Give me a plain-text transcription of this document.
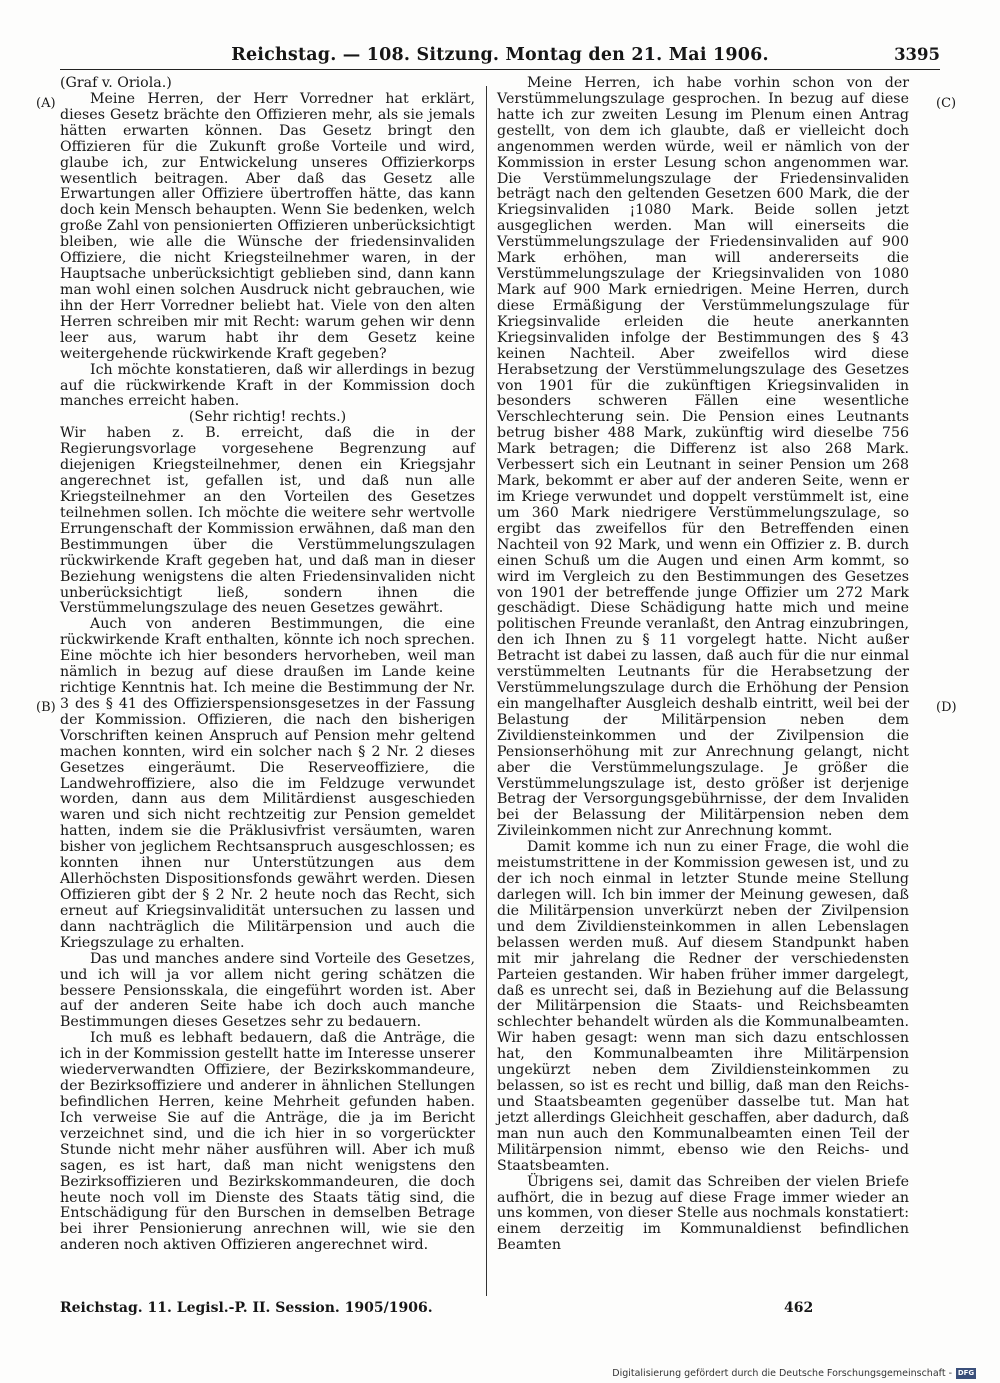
Reichstag. — 108. Sitzung. Montag den 21. Mai 1906.	3395
(A)
(B)
(C)
(D)

(Graf v. Oriola.)

Meine Herren, der Herr Vorredner hat erklärt, dieses Gesetz brächte den Offizieren mehr, als sie jemals hätten erwarten können. Das Gesetz bringt den Offizieren für die Zukunft große Vorteile und wird, glaube ich, zur Entwickelung unseres Offizierkorps wesentlich beitragen. Aber daß das Gesetz alle Erwartungen aller Offiziere übertroffen hätte, das kann doch kein Mensch behaupten. Wenn Sie bedenken, welch große Zahl von pensionierten Offizieren unberücksichtigt bleiben, wie alle die Wünsche der friedensinvaliden Offiziere, die nicht Kriegsteilnehmer waren, in der Hauptsache unberücksichtigt geblieben sind, dann kann man wohl einen solchen Ausdruck nicht gebrauchen, wie ihn der Herr Vorredner beliebt hat. Viele von den alten Herren schreiben mir mit Recht: warum gehen wir denn leer aus, warum habt ihr dem Gesetz keine weitergehende rückwirkende Kraft gegeben?

Ich möchte konstatieren, daß wir allerdings in bezug auf die rückwirkende Kraft in der Kommission doch manches erreicht haben.

(Sehr richtig! rechts.)

Wir haben z. B. erreicht, daß die in der Regierungsvorlage vorgesehene Begrenzung auf diejenigen Kriegsteilnehmer, denen ein Kriegsjahr angerechnet ist, gefallen ist, und daß nun alle Kriegsteilnehmer an den Vorteilen des Gesetzes teilnehmen sollen. Ich möchte die weitere sehr wertvolle Errungenschaft der Kommission erwähnen, daß man den Bestimmungen über die Verstümmelungszulagen rückwirkende Kraft gegeben hat, und daß man in dieser Beziehung wenigstens die alten Friedensinvaliden nicht unberücksichtigt ließ, sondern ihnen die Verstümmelungszulage des neuen Gesetzes gewährt.

Auch von anderen Bestimmungen, die eine rückwirkende Kraft enthalten, könnte ich noch sprechen. Eine möchte ich hier besonders hervorheben, weil man nämlich in bezug auf diese draußen im Lande keine richtige Kenntnis hat. Ich meine die Bestimmung der Nr. 3 des § 41 des Offizierspensionsgesetzes in der Fassung der Kommission. Offizieren, die nach den bisherigen Vorschriften keinen Anspruch auf Pension mehr geltend machen konnten, wird ein solcher nach § 2 Nr. 2 dieses Gesetzes eingeräumt. Die Reserveoffiziere, die Landwehroffiziere, also die im Feldzuge verwundet worden, dann aus dem Militärdienst ausgeschieden waren und sich nicht rechtzeitig zur Pension gemeldet hatten, indem sie die Präklusivfrist versäumten, waren bisher von jeglichem Rechtsanspruch ausgeschlossen; es konnten ihnen nur Unterstützungen aus dem Allerhöchsten Dispositionsfonds gewährt werden. Diesen Offizieren gibt der § 2 Nr. 2 heute noch das Recht, sich erneut auf Kriegsinvalidität untersuchen zu lassen und dann nachträglich die Militärpension und auch die Kriegszulage zu erhalten.

Das und manches andere sind Vorteile des Gesetzes, und ich will ja vor allem nicht gering schätzen die bessere Pensionsskala, die eingeführt worden ist. Aber auf der anderen Seite habe ich doch auch manche Bestimmungen dieses Gesetzes sehr zu bedauern.

Ich muß es lebhaft bedauern, daß die Anträge, die ich in der Kommission gestellt hatte im Interesse unserer wiederverwandten Offiziere, der Bezirkskommandeure, der Bezirksoffiziere und anderer in ähnlichen Stellungen befindlichen Herren, keine Mehrheit gefunden haben. Ich verweise Sie auf die Anträge, die ja im Bericht verzeichnet sind, und die ich hier in so vorgerückter Stunde nicht mehr näher ausführen will. Aber ich muß sagen, es ist hart, daß man nicht wenigstens den Bezirksoffizieren und Bezirkskommandeuren, die doch heute noch voll im Dienste des Staats tätig sind, die Entschädigung für den Burschen in demselben Betrage bei ihrer Pensionierung anrechnen will, wie sie den anderen noch aktiven Offizieren angerechnet wird.

Meine Herren, ich habe vorhin schon von der Verstümmelungszulage gesprochen. In bezug auf diese hatte ich zur zweiten Lesung im Plenum einen Antrag gestellt, von dem ich glaubte, daß er vielleicht doch angenommen werden würde, weil er nämlich von der Kommission in erster Lesung schon angenommen war. Die Verstümmelungszulage der Friedensinvaliden beträgt nach den geltenden Gesetzen 600 Mark, die der Kriegsinvaliden ¡1080 Mark. Beide sollen jetzt ausgeglichen werden. Man will einerseits die Verstümmelungszulage der Friedensinvaliden auf 900 Mark erhöhen, man will andererseits die Verstümmelungszulage der Kriegsinvaliden von 1080 Mark auf 900 Mark erniedrigen. Meine Herren, durch diese Ermäßigung der Verstümmelungszulage für Kriegsinvalide erleiden die heute anerkannten Kriegsinvaliden infolge der Bestimmungen des § 43 keinen Nachteil. Aber zweifellos wird diese Herabsetzung der Verstümmelungszulage des Gesetzes von 1901 für die zukünftigen Kriegsinvaliden in besonders schweren Fällen eine wesentliche Verschlechterung sein. Die Pension eines Leutnants betrug bisher 488 Mark, zukünftig wird dieselbe 756 Mark betragen; die Differenz ist also 268 Mark. Verbessert sich ein Leutnant in seiner Pension um 268 Mark, bekommt er aber auf der anderen Seite, wenn er im Kriege verwundet und doppelt verstümmelt ist, eine um 360 Mark niedrigere Verstümmelungszulage, so ergibt das zweifellos für den Betreffenden einen Nachteil von 92 Mark, und wenn ein Offizier z. B. durch einen Schuß um die Augen und einen Arm kommt, so wird im Vergleich zu den Bestimmungen des Gesetzes von 1901 der betreffende junge Offizier um 272 Mark geschädigt. Diese Schädigung hatte mich und meine politischen Freunde veranlaßt, den Antrag einzubringen, den ich Ihnen zu § 11 vorgelegt hatte. Nicht außer Betracht ist dabei zu lassen, daß auch für die nur einmal verstümmelten Leutnants für die Herabsetzung der Verstümmelungszulage durch die Erhöhung der Pension ein mangelhafter Ausgleich deshalb eintritt, weil bei der Belastung der Militärpension neben dem Zivildiensteinkommen und der Zivilpension die Pensionserhöhung mit zur Anrechnung gelangt, nicht aber die Verstümmelungszulage. Je größer die Verstümmelungszulage ist, desto größer ist derjenige Betrag der Versorgungsgebührnisse, der dem Invaliden bei der Belassung der Militärpension neben dem Zivileinkommen nicht zur Anrechnung kommt.

Damit komme ich nun zu einer Frage, die wohl die meistumstrittene in der Kommission gewesen ist, und zu der ich noch einmal in letzter Stunde meine Stellung darlegen will. Ich bin immer der Meinung gewesen, daß die Militärpension unverkürzt neben der Zivilpension und dem Zivildiensteinkommen in allen Lebenslagen belassen werden muß. Auf diesem Standpunkt haben mit mir jahrelang die Redner der verschiedensten Parteien gestanden. Wir haben früher immer dargelegt, daß es unrecht sei, daß in Beziehung auf die Belassung der Militärpension die Staats- und Reichsbeamten schlechter behandelt würden als die Kommunalbeamten. Wir haben gesagt: wenn man sich dazu entschlossen hat, den Kommunalbeamten ihre Militärpension ungekürzt neben dem Zivildiensteinkommen zu belassen, so ist es recht und billig, daß man den Reichs- und Staatsbeamten gegenüber dasselbe tut. Man hat jetzt allerdings Gleichheit geschaffen, aber dadurch, daß man nun auch den Kommunalbeamten einen Teil der Militärpension nimmt, ebenso wie den Reichs- und Staatsbeamten.

Übrigens sei, damit das Schreiben der vielen Briefe aufhört, die in bezug auf diese Frage immer wieder an uns kommen, von dieser Stelle aus nochmals konstatiert: einem derzeitig im Kommunaldienst befindlichen Beamten

Reichstag. 11. Legisl.-P. II. Session. 1905/1906.	462
Digitalisierung gefördert durch die Deutsche Forschungsgemeinschaft - DFG
